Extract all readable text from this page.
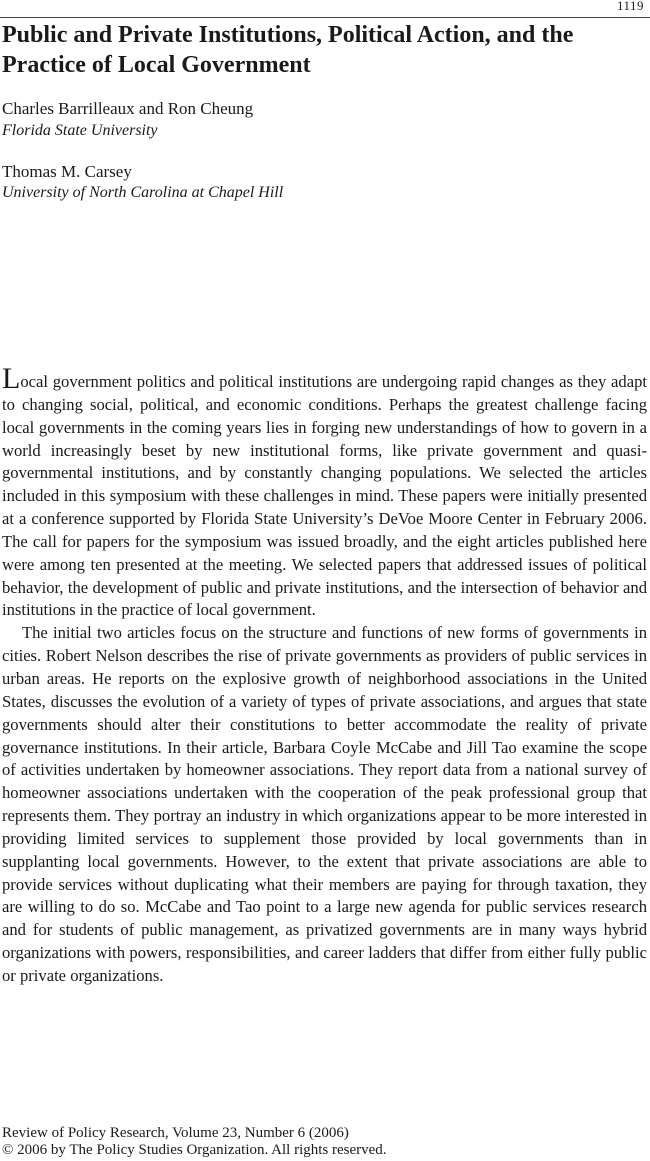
1119
Public and Private Institutions, Political Action, and the Practice of Local Government

Charles Barrilleaux and Ron Cheung

Florida State University

Thomas M. Carsey

University of North Carolina at Chapel Hill

Local government politics and political institutions are undergoing rapid changes as they adapt to changing social, political, and economic conditions. Perhaps the greatest challenge facing local governments in the coming years lies in forging new understandings of how to govern in a world increasingly beset by new institutional forms, like private government and quasi-governmental institutions, and by constantly changing populations. We selected the articles included in this symposium with these challenges in mind. These papers were initially presented at a conference supported by Florida State University’s DeVoe Moore Center in February 2006. The call for papers for the symposium was issued broadly, and the eight articles published here were among ten presented at the meeting. We selected papers that addressed issues of political behavior, the development of public and private institutions, and the intersection of behavior and institutions in the practice of local government.

The initial two articles focus on the structure and functions of new forms of governments in cities. Robert Nelson describes the rise of private governments as providers of public services in urban areas. He reports on the explosive growth of neighborhood associations in the United States, discusses the evolution of a variety of types of private associations, and argues that state governments should alter their constitutions to better accommodate the reality of private governance institutions. In their article, Barbara Coyle McCabe and Jill Tao examine the scope of activities undertaken by homeowner associations. They report data from a national survey of homeowner associations undertaken with the cooperation of the peak professional group that represents them. They portray an industry in which organizations appear to be more interested in providing limited services to supplement those provided by local governments than in supplanting local governments. However, to the extent that private associations are able to provide services without duplicating what their members are paying for through taxation, they are willing to do so. McCabe and Tao point to a large new agenda for public services research and for students of public management, as privatized governments are in many ways hybrid organizations with powers, responsibilities, and career ladders that differ from either fully public or private organizations.

Review of Policy Research, Volume 23, Number 6 (2006)
© 2006 by The Policy Studies Organization. All rights reserved.
